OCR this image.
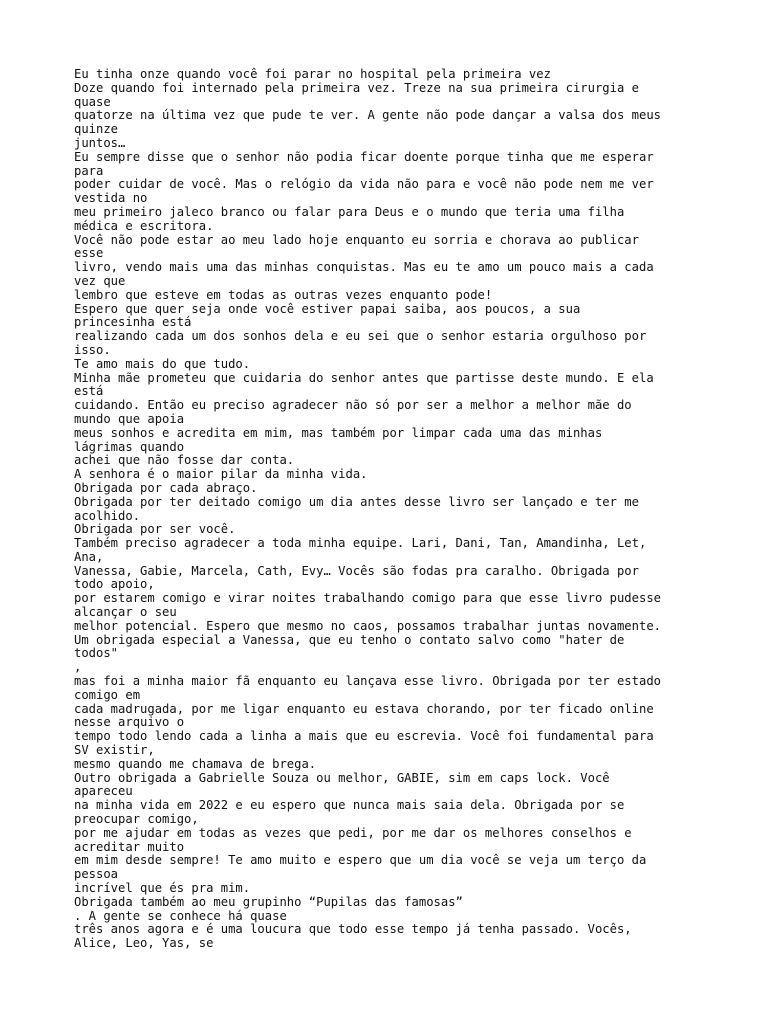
Eu tinha onze quando você foi parar no hospital pela primeira vez
Doze quando foi internado pela primeira vez. Treze na sua primeira cirurgia e
quase
quatorze na última vez que pude te ver. A gente não pode dançar a valsa dos meus
quinze
juntos…
Eu sempre disse que o senhor não podia ficar doente porque tinha que me esperar
para
poder cuidar de você. Mas o relógio da vida não para e você não pode nem me ver
vestida no
meu primeiro jaleco branco ou falar para Deus e o mundo que teria uma filha
médica e escritora.
Você não pode estar ao meu lado hoje enquanto eu sorria e chorava ao publicar
esse
livro, vendo mais uma das minhas conquistas. Mas eu te amo um pouco mais a cada
vez que
lembro que esteve em todas as outras vezes enquanto pode!
Espero que quer seja onde você estiver papai saiba, aos poucos, a sua
princesinha está
realizando cada um dos sonhos dela e eu sei que o senhor estaria orgulhoso por
isso.
Te amo mais do que tudo.
Minha mãe prometeu que cuidaria do senhor antes que partisse deste mundo. E ela
está
cuidando. Então eu preciso agradecer não só por ser a melhor a melhor mãe do
mundo que apoia
meus sonhos e acredita em mim, mas também por limpar cada uma das minhas
lágrimas quando
achei que não fosse dar conta.
A senhora é o maior pilar da minha vida.
Obrigada por cada abraço.
Obrigada por ter deitado comigo um dia antes desse livro ser lançado e ter me
acolhido.
Obrigada por ser você.
Também preciso agradecer a toda minha equipe. Lari, Dani, Tan, Amandinha, Let,
Ana,
Vanessa, Gabie, Marcela, Cath, Evy… Vocês são fodas pra caralho. Obrigada por
todo apoio,
por estarem comigo e virar noites trabalhando comigo para que esse livro pudesse
alcançar o seu
melhor potencial. Espero que mesmo no caos, possamos trabalhar juntas novamente.
Um obrigada especial a Vanessa, que eu tenho o contato salvo como "hater de
todos"
,
mas foi a minha maior fã enquanto eu lançava esse livro. Obrigada por ter estado
comigo em
cada madrugada, por me ligar enquanto eu estava chorando, por ter ficado online
nesse arquivo o
tempo todo lendo cada a linha a mais que eu escrevia. Você foi fundamental para
SV existir,
mesmo quando me chamava de brega.
Outro obrigada a Gabrielle Souza ou melhor, GABIE, sim em caps lock. Você
apareceu
na minha vida em 2022 e eu espero que nunca mais saia dela. Obrigada por se
preocupar comigo,
por me ajudar em todas as vezes que pedi, por me dar os melhores conselhos e
acreditar muito
em mim desde sempre! Te amo muito e espero que um dia você se veja um terço da
pessoa
incrível que és pra mim.
Obrigada também ao meu grupinho “Pupilas das famosas”
. A gente se conhece há quase
três anos agora e é uma loucura que todo esse tempo já tenha passado. Vocês,
Alice, Leo, Yas, se
